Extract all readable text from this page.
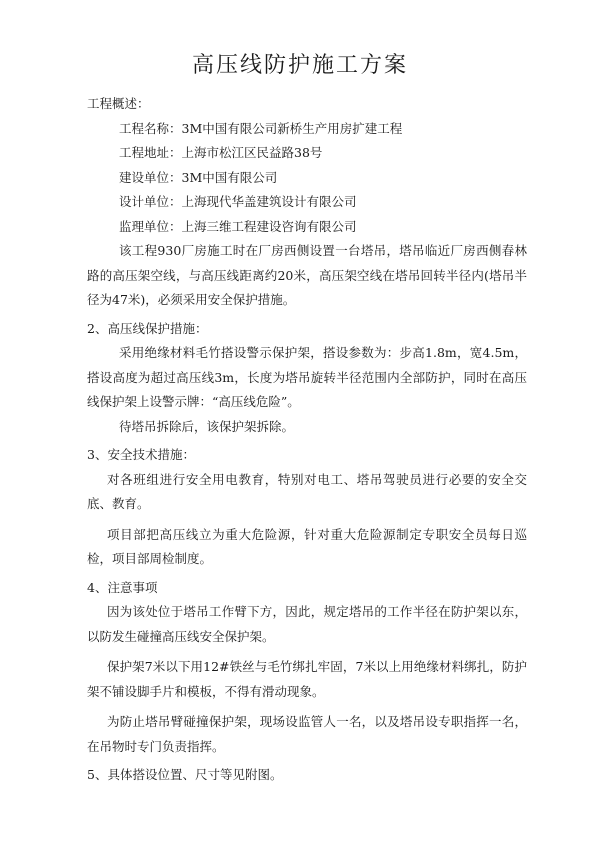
高压线防护施工方案
工程概述：
工程名称：3M中国有限公司新桥生产用房扩建工程
工程地址：上海市松江区民益路38号
建设单位：3M中国有限公司
设计单位：上海现代华盖建筑设计有限公司
监理单位：上海三维工程建设咨询有限公司
该工程930厂房施工时在厂房西侧设置一台塔吊，塔吊临近厂房西侧春林路的高压架空线，与高压线距离约20米，高压架空线在塔吊回转半径内(塔吊半径为47米)，必须采用安全保护措施。
2、高压线保护措施：
采用绝缘材料毛竹搭设警示保护架，搭设参数为：步高1.8m，宽4.5m，搭设高度为超过高压线3m，长度为塔吊旋转半径范围内全部防护，同时在高压线保护架上设警示牌：“高压线危险”。
待塔吊拆除后，该保护架拆除。
3、安全技术措施：
对各班组进行安全用电教育，特别对电工、塔吊驾驶员进行必要的安全交底、教育。
项目部把高压线立为重大危险源，针对重大危险源制定专职安全员每日巡检，项目部周检制度。
4、注意事项
因为该处位于塔吊工作臂下方，因此，规定塔吊的工作半径在防护架以东，以防发生碰撞高压线安全保护架。
保护架7米以下用12#铁丝与毛竹绑扎牢固，7米以上用绝缘材料绑扎，防护架不铺设脚手片和模板，不得有滑动现象。
为防止塔吊臂碰撞保护架，现场设监管人一名，以及塔吊设专职指挥一名，在吊物时专门负责指挥。
5、具体搭设位置、尺寸等见附图。
